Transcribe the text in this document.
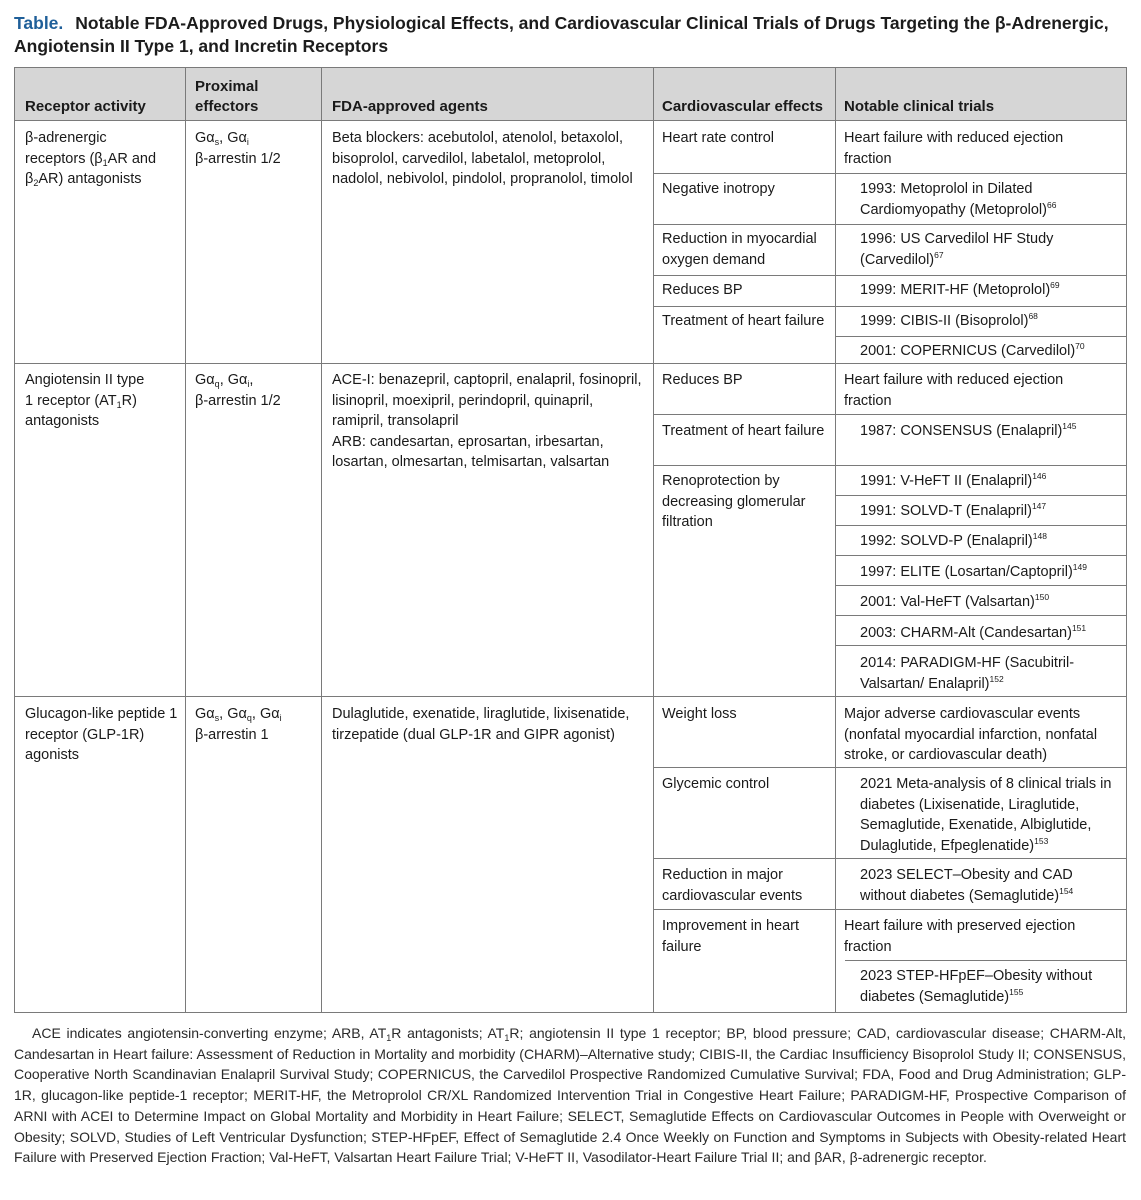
Table. Notable FDA-Approved Drugs, Physiological Effects, and Cardiovascular Clinical Trials of Drugs Targeting the β-Adrenergic, Angiotensin II Type 1, and Incretin Receptors
Receptor activity
Proximal
effectors	FDA-approved agents	Cardiovascular effects Notable clinical trials
β-adrenergic
receptors ($\beta_1AR$ and
$\beta_2AR$) antagonists
$G\alpha_s$, $G\alpha_i$
β-arrestin 1/2
Beta blockers: acebutolol, atenolol, betaxolol, bisoprolol, carvedilol, labetalol, metoprolol, nadolol, nebivolol, pindolol, propranolol, timolol
Heart rate control
Negative inotropy
Reduction in myocardial oxygen demand
Reduces BP
Treatment of heart failure
Heart failure with reduced ejection fraction
1993: Metoprolol in Dilated Cardiomyopathy (Metoprolol)$^{66}$
1996: US Carvedilol HF Study (Carvedilol)$^{67}$
1999: MERIT-HF (Metoprolol)$^{69}$
1999: CIBIS-II (Bisoprolol)$^{68}$
2001: COPERNICUS (Carvedilol)$^{70}$
Angiotensin II type
1 receptor $(AT_1R)$
antagonists
$G\alpha_q$, $G\alpha_i$,
β-arrestin 1/2
ACE-I: benazepril, captopril, enalapril, fosinopril, lisinopril, moexipril, perindopril, quinapril, ramipril, transolapril
ARB: candesartan, eprosartan, irbesartan, losartan, olmesartan, telmisartan, valsartan
Reduces BP
Treatment of heart failure
Renoprotection by decreasing glomerular filtration
Heart failure with reduced ejection fraction
1987: CONSENSUS (Enalapril)$^{145}$
1991: V-HeFT II (Enalapril)$^{146}$
1991: SOLVD-T (Enalapril)$^{147}$
1992: SOLVD-P (Enalapril)$^{148}$
1997: ELITE (Losartan/Captopril)$^{149}$
2001: Val-HeFT (Valsartan)$^{150}$
2003: CHARM-Alt (Candesartan)$^{151}$
2014: PARADIGM-HF (Sacubitril-Valsartan/ Enalapril)$^{152}$
Glucagon-like peptide 1 receptor (GLP-1R) agonists
$G\alpha_s$, $G\alpha_q$, $G\alpha_i$
β-arrestin 1
Dulaglutide, exenatide, liraglutide, lixisenatide, tirzepatide (dual GLP-1R and GIPR agonist)
Weight loss
Glycemic control
Reduction in major cardiovascular events
Improvement in heart failure
Major adverse cardiovascular events (nonfatal myocardial infarction, nonfatal stroke, or cardiovascular death)
2021 Meta-analysis of 8 clinical trials in diabetes (Lixisenatide, Liraglutide, Semaglutide, Exenatide, Albiglutide, Dulaglutide, Efpeglenatide)$^{153}$
2023 SELECT–Obesity and CAD without diabetes (Semaglutide)$^{154}$
Heart failure with preserved ejection fraction
2023 STEP-HFpEF–Obesity without diabetes (Semaglutide)$^{155}$
ACE indicates angiotensin-converting enzyme; ARB, $AT_1R$ antagonists; $AT_1R$; angiotensin II type 1 receptor; BP, blood pressure; CAD, cardiovascular disease; CHARM-Alt, Candesartan in Heart failure: Assessment of Reduction in Mortality and morbidity (CHARM)–Alternative study; CIBIS-II, the Cardiac Insufficiency Bisoprolol Study II; CONSENSUS, Cooperative North Scandinavian Enalapril Survival Study; COPERNICUS, the Carvedilol Prospective Randomized Cumulative Survival; FDA, Food and Drug Administration; GLP-1R, glucagon-like peptide-1 receptor; MERIT-HF, the Metroprolol CR/XL Randomized Intervention Trial in Congestive Heart Failure; PARADIGM-HF, Prospective Comparison of ARNI with ACEI to Determine Impact on Global Mortality and Morbidity in Heart Failure; SELECT, Semaglutide Effects on Cardiovascular Outcomes in People with Overweight or Obesity; SOLVD, Studies of Left Ventricular Dysfunction; STEP-HFpEF, Effect of Semaglutide 2.4 Once Weekly on Function and Symptoms in Subjects with Obesity-related Heart Failure with Preserved Ejection Fraction; Val-HeFT, Valsartan Heart Failure Trial; V-HeFT II, Vasodilator-Heart Failure Trial II; and βAR, β-adrenergic receptor.
